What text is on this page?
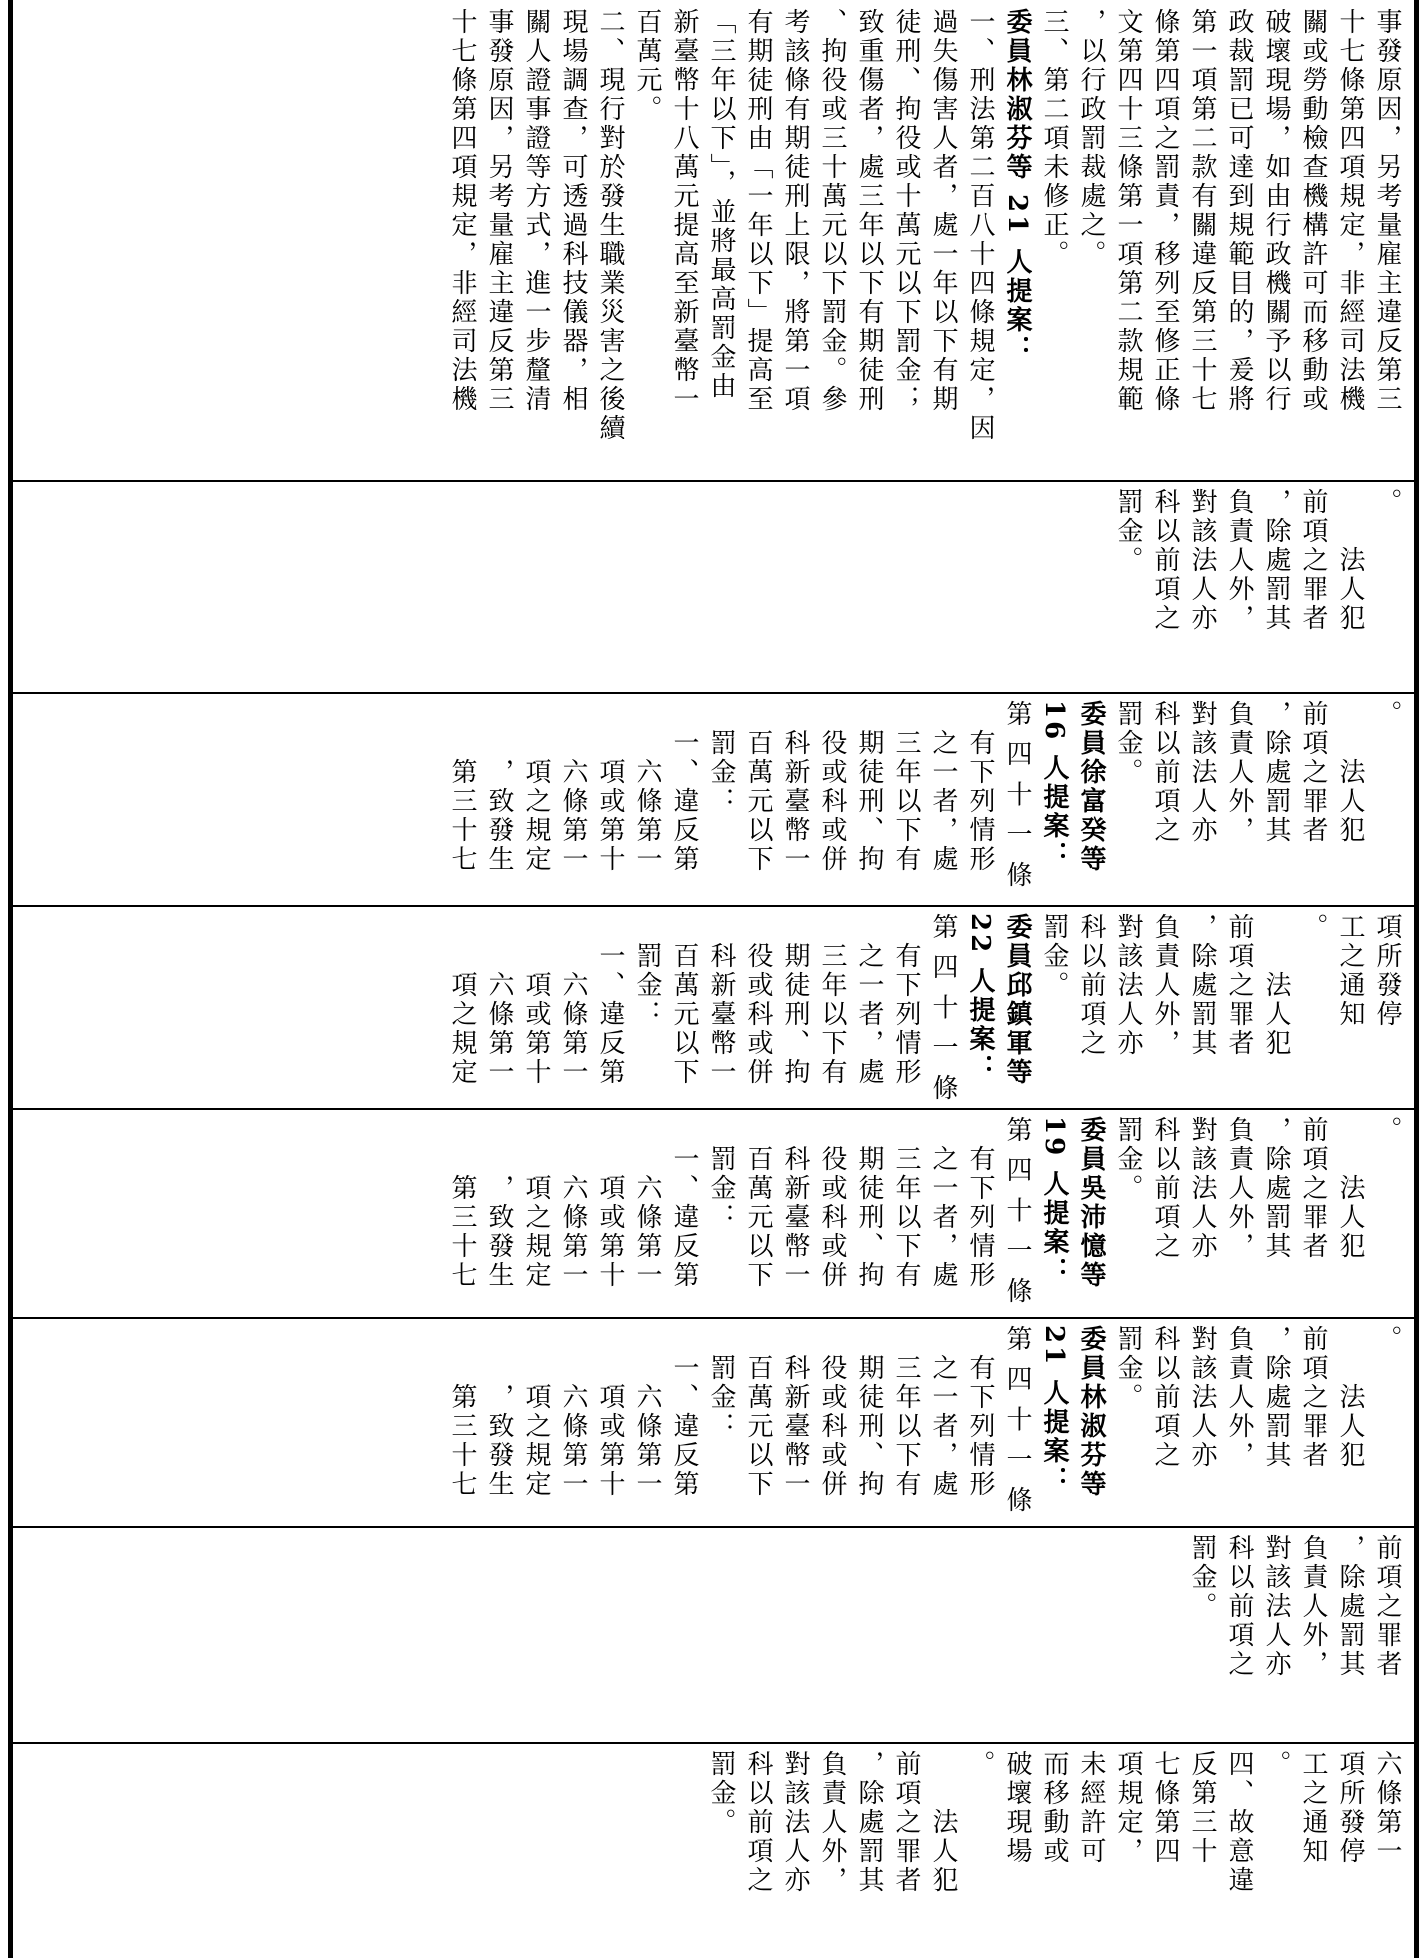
事發原因，另考量雇主違反第三
十七條第四項規定，非經司法機
關或勞動檢查機構許可而移動或
破壞現場，如由行政機關予以行
政裁罰已可達到規範目的，爰將
第一項第二款有關違反第三十七
條第四項之罰責，移列至修正條
文第四十三條第一項第二款規範
，以行政罰裁處之。
三、第二項未修正。
委員林淑芬等 21 人提案：
一、刑法第二百八十四條規定，因
過失傷害人者，處一年以下有期
徒刑、拘役或十萬元以下罰金；
致重傷者，處三年以下有期徒刑
、拘役或三十萬元以下罰金。參
考該條有期徒刑上限，將第一項
有期徒刑由「一年以下」提高至
「三年以下」，並將最高罰金由
新臺幣十八萬元提高至新臺幣一
百萬元。
二、現行對於發生職業災害之後續
現場調查，可透過科技儀器，相
關人證事證等方式，進一步釐清
事發原因，另考量雇主違反第三
十七條第四項規定，非經司法機
。
　　法人犯
前項之罪者
，除處罰其
負責人外，
對該法人亦
科以前項之
罰金。
。
　　法人犯
前項之罪者
，除處罰其
負責人外，
對該法人亦
科以前項之
罰金。
委員徐富癸等
16 人提案：
第 四 十 一 條
　有下列情形
　之一者，處
　三年以下有
　期徒刑、拘
　役或科或併
　科新臺幣一
　百萬元以下
　罰金：
　一、違反第
　　六條第一
　　項或第十
　　六條第一
　　項之規定
　　，致發生
　　第三十七
項所發停
工之通知
。
　　法人犯
前項之罪者
，除處罰其
負責人外，
對該法人亦
科以前項之
罰金。
委員邱鎮軍等
22 人提案：
第 四 十 一 條
　有下列情形
　之一者，處
　三年以下有
　期徒刑、拘
　役或科或併
　科新臺幣一
　百萬元以下
　罰金：
　一、違反第
　　六條第一
　　項或第十
　　六條第一
　　項之規定
。
　　法人犯
前項之罪者
，除處罰其
負責人外，
對該法人亦
科以前項之
罰金。
委員吳沛憶等
19 人提案：
第 四 十 一 條
　有下列情形
　之一者，處
　三年以下有
　期徒刑、拘
　役或科或併
　科新臺幣一
　百萬元以下
　罰金：
　一、違反第
　　六條第一
　　項或第十
　　六條第一
　　項之規定
　　，致發生
　　第三十七
。
　　法人犯
前項之罪者
，除處罰其
負責人外，
對該法人亦
科以前項之
罰金。
委員林淑芬等
21 人提案：
第 四 十 一 條
　有下列情形
　之一者，處
　三年以下有
　期徒刑、拘
　役或科或併
　科新臺幣一
　百萬元以下
　罰金：
　一、違反第
　　六條第一
　　項或第十
　　六條第一
　　項之規定
　　，致發生
　　第三十七
前項之罪者
，除處罰其
負責人外，
對該法人亦
科以前項之
罰金。
六條第一
項所發停
工之通知
。
四、故意違
反第三十
七條第四
項規定，
未經許可
而移動或
破壞現場
。
　　法人犯
前項之罪者
，除處罰其
負責人外，
對該法人亦
科以前項之
罰金。
